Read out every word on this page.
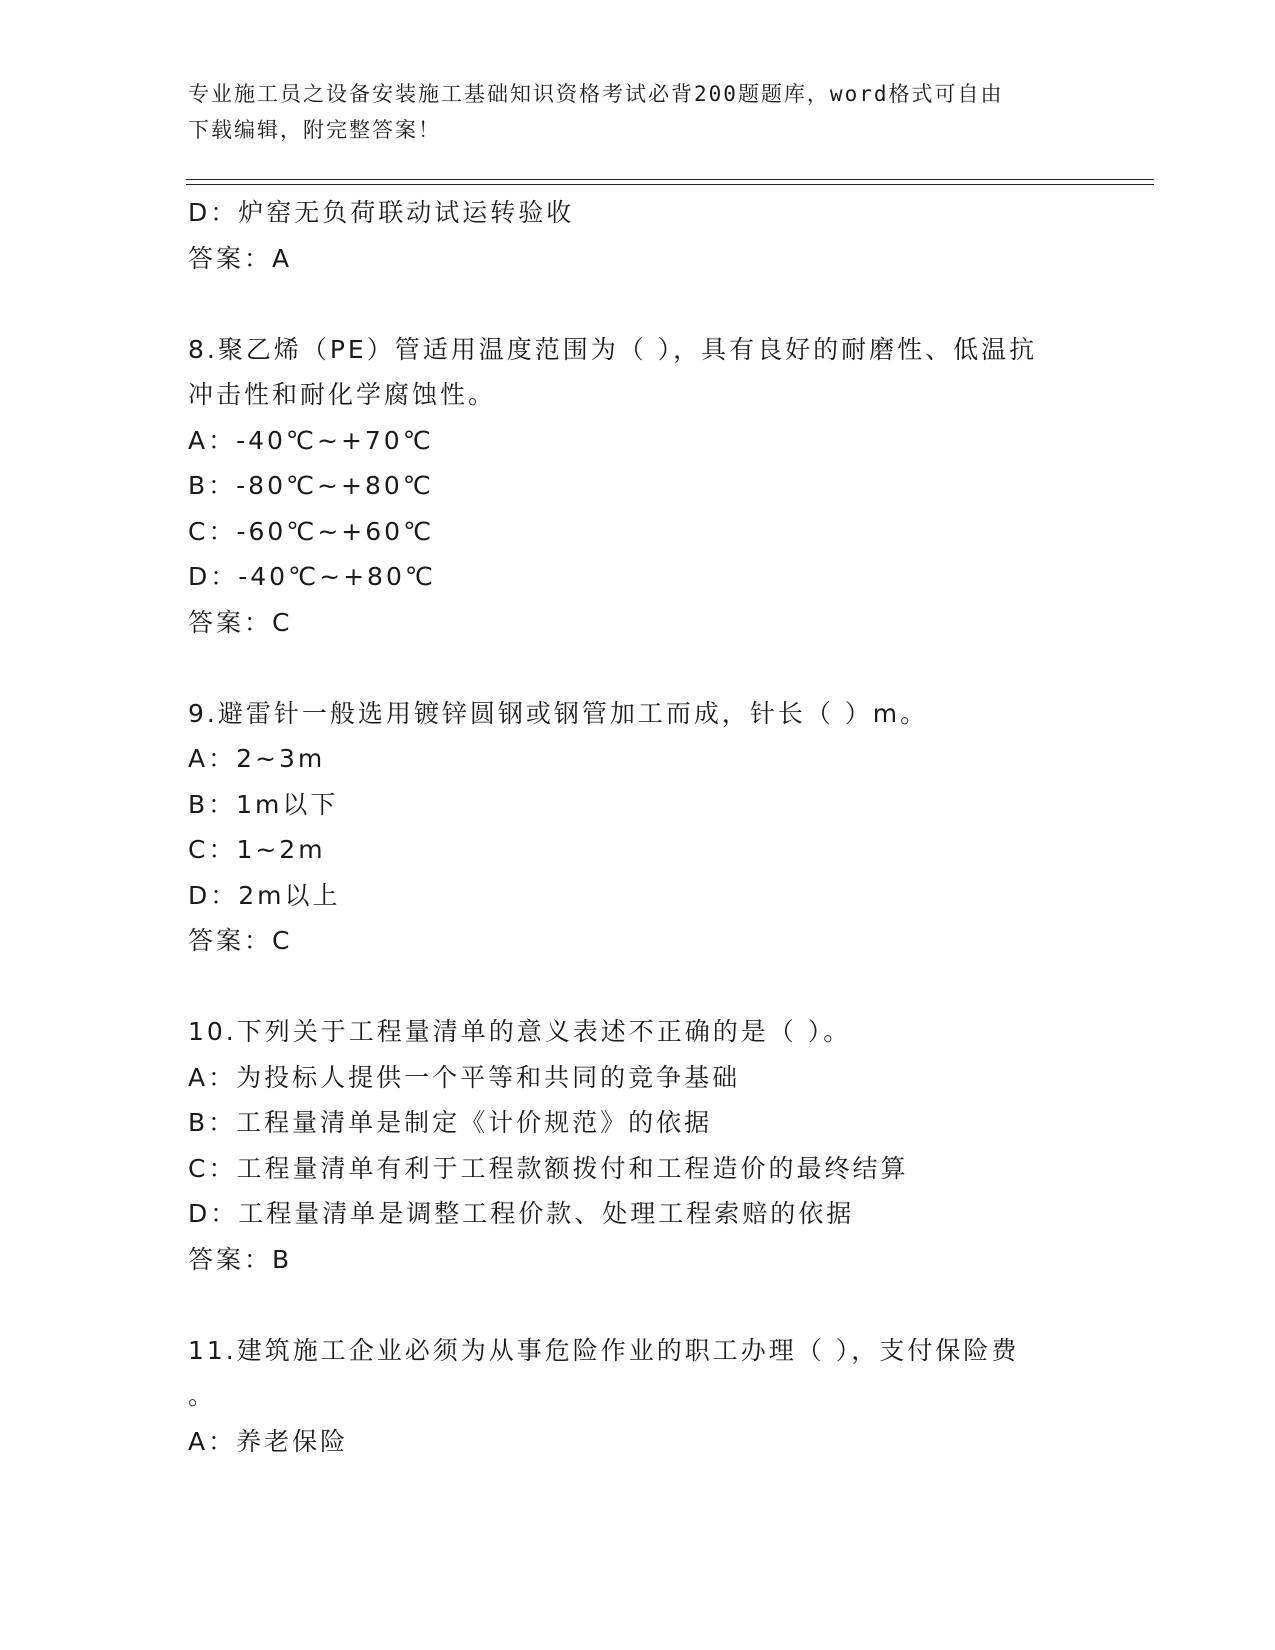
专业施工员之设备安装施工基础知识资格考试必背200题题库，word格式可自由
下载编辑，附完整答案！
D：炉窑无负荷联动试运转验收
答案：A
8.聚乙烯（PE）管适用温度范围为（ ），具有良好的耐磨性、低温抗
冲击性和耐化学腐蚀性。
A：-40℃~+70℃
B：-80℃~+80℃
C：-60℃~+60℃
D：-40℃~+80℃
答案：C
9.避雷针一般选用镀锌圆钢或钢管加工而成，针长（ ）m。
A：2~3m
B：1m以下
C：1~2m
D：2m以上
答案：C
10.下列关于工程量清单的意义表述不正确的是（ ）。
A：为投标人提供一个平等和共同的竞争基础
B：工程量清单是制定《计价规范》的依据
C：工程量清单有利于工程款额拨付和工程造价的最终结算
D：工程量清单是调整工程价款、处理工程索赔的依据
答案：B
11.建筑施工企业必须为从事危险作业的职工办理（ ），支付保险费
。
A：养老保险
